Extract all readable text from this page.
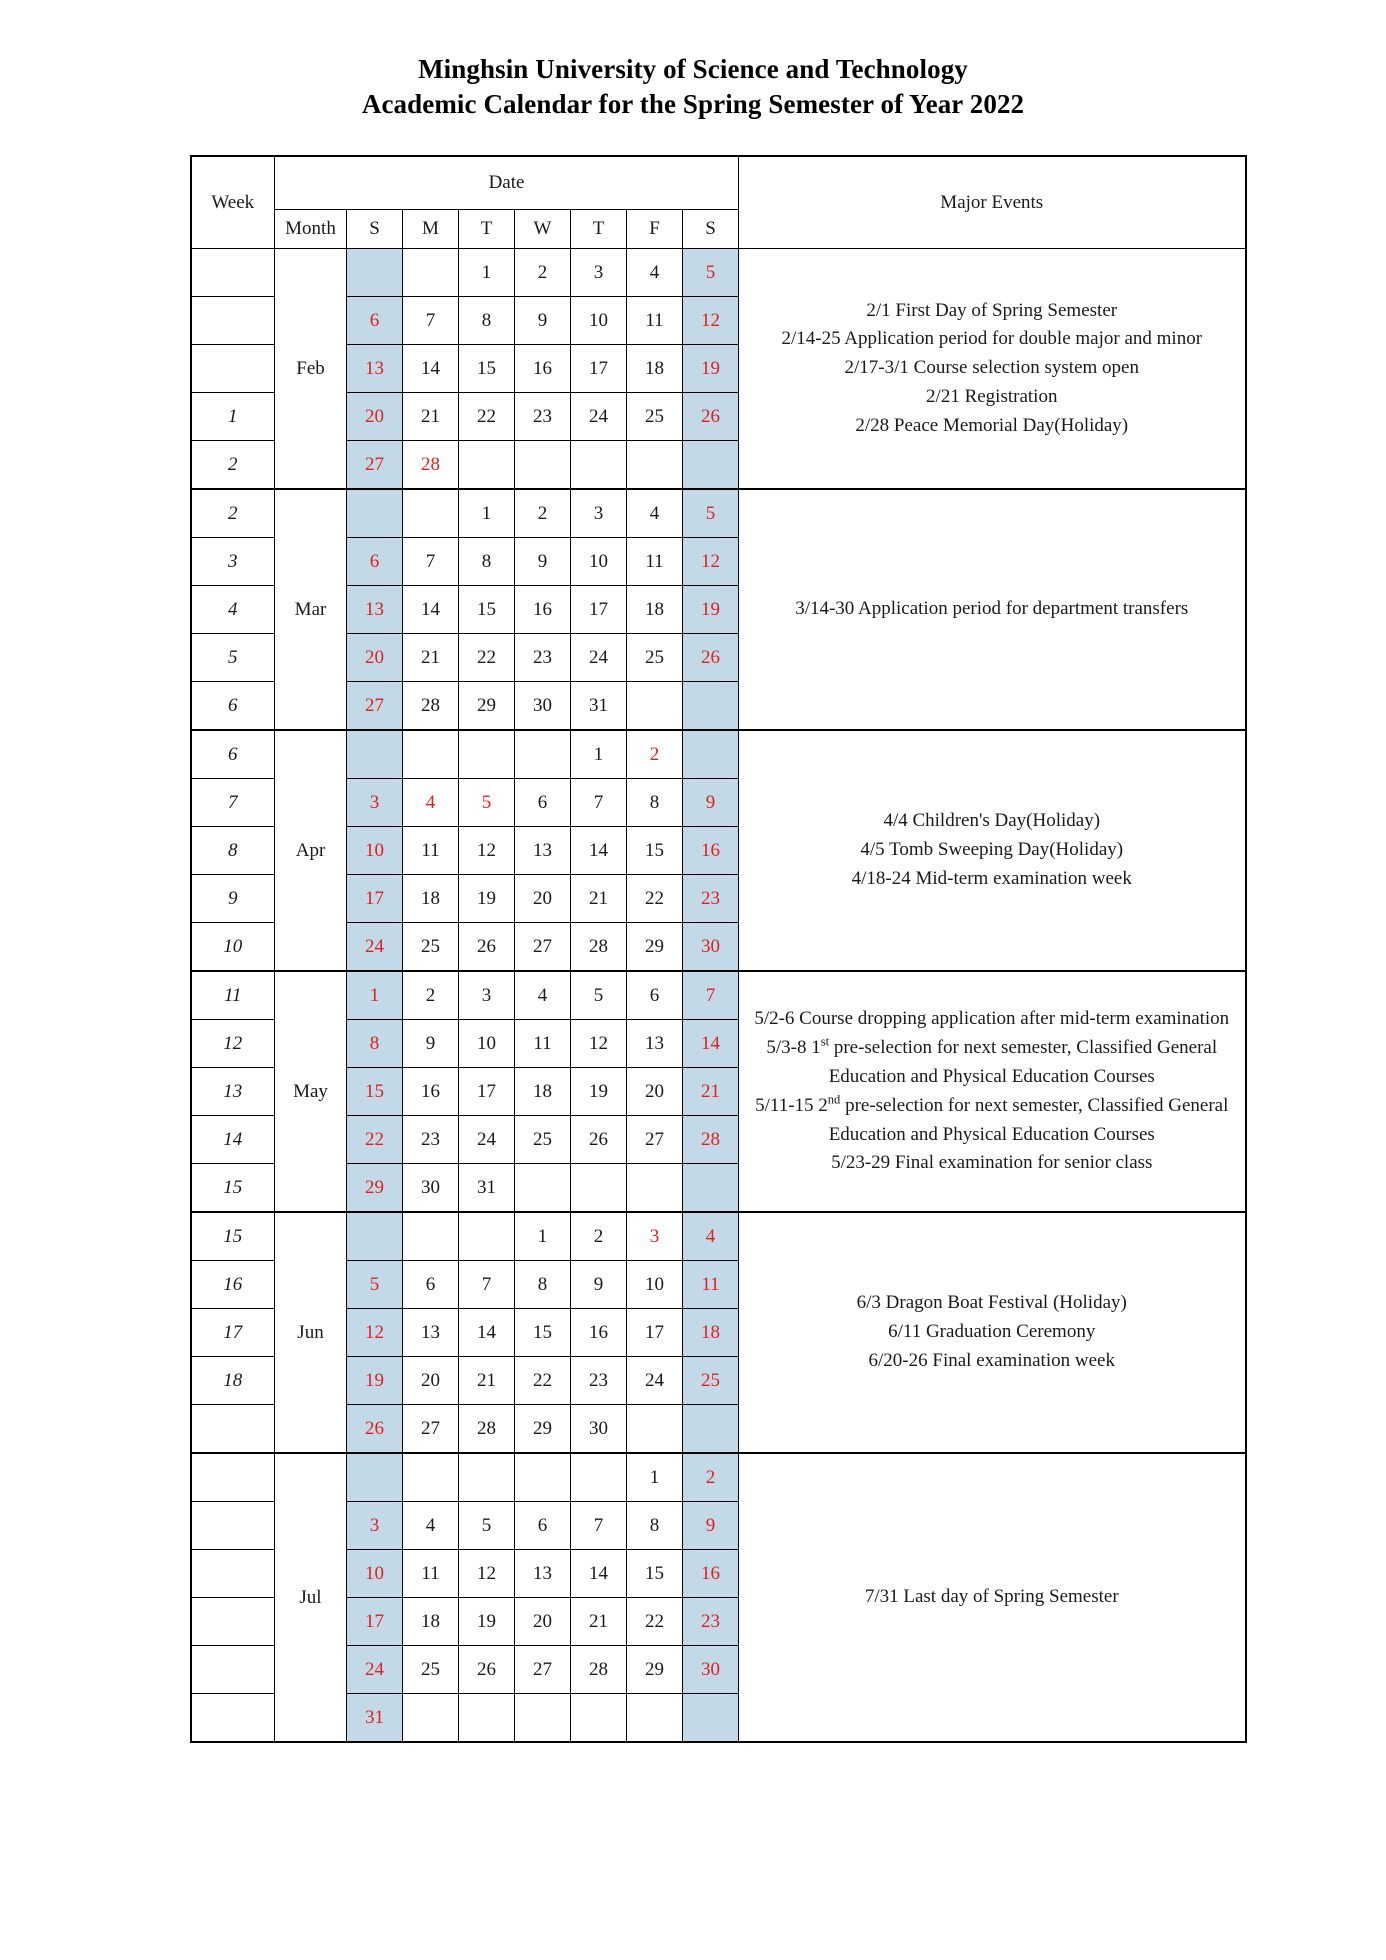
Minghsin University of Science and Technology
Academic Calendar for the Spring Semester of Year 2022
Week	Date								Major Events
	Month	S	M	T	W	T	F	S	
	Feb			1	2	3	4	5	2/1 First Day of Spring Semester
2/14-25 Application period for double major and minor
2/17-3/1 Course selection system open
2/21 Registration
2/28 Peace Memorial Day(Holiday)

		6	7	8	9	10	11	12	
		13	14	15	16	17	18	19	
1		20	21	22	23	24	25	26	
2		27	28						
2	Mar			1	2	3	4	5	3/14-30 Application period for department transfers

3		6	7	8	9	10	11	12	
4		13	14	15	16	17	18	19	
5		20	21	22	23	24	25	26	
6		27	28	29	30	31			
6	Apr					1	2		4/4 Children's Day(Holiday)
4/5 Tomb Sweeping Day(Holiday)
4/18-24 Mid-term examination week

7		3	4	5	6	7	8	9	
8		10	11	12	13	14	15	16	
9		17	18	19	20	21	22	23	
10		24	25	26	27	28	29	30	
11	May	1	2	3	4	5	6	7	5/2-6 Course dropping application after mid-term examination
5/3-8 1st pre-selection for next semester, Classified General Education and Physical Education Courses
5/11-15 2nd pre-selection for next semester, Classified General Education and Physical Education Courses
5/23-29 Final examination for senior class

12		8	9	10	11	12	13	14	
13		15	16	17	18	19	20	21	
14		22	23	24	25	26	27	28	
15		29	30	31					
15	Jun				1	2	3	4	6/3 Dragon Boat Festival (Holiday)
6/11 Graduation Ceremony
6/20-26 Final examination week

16		5	6	7	8	9	10	11	
17		12	13	14	15	16	17	18	
18		19	20	21	22	23	24	25	
		26	27	28	29	30			
	Jul						1	2	7/31 Last day of Spring Semester

		3	4	5	6	7	8	9	
		10	11	12	13	14	15	16	
		17	18	19	20	21	22	23	
		24	25	26	27	28	29	30	
		31							
